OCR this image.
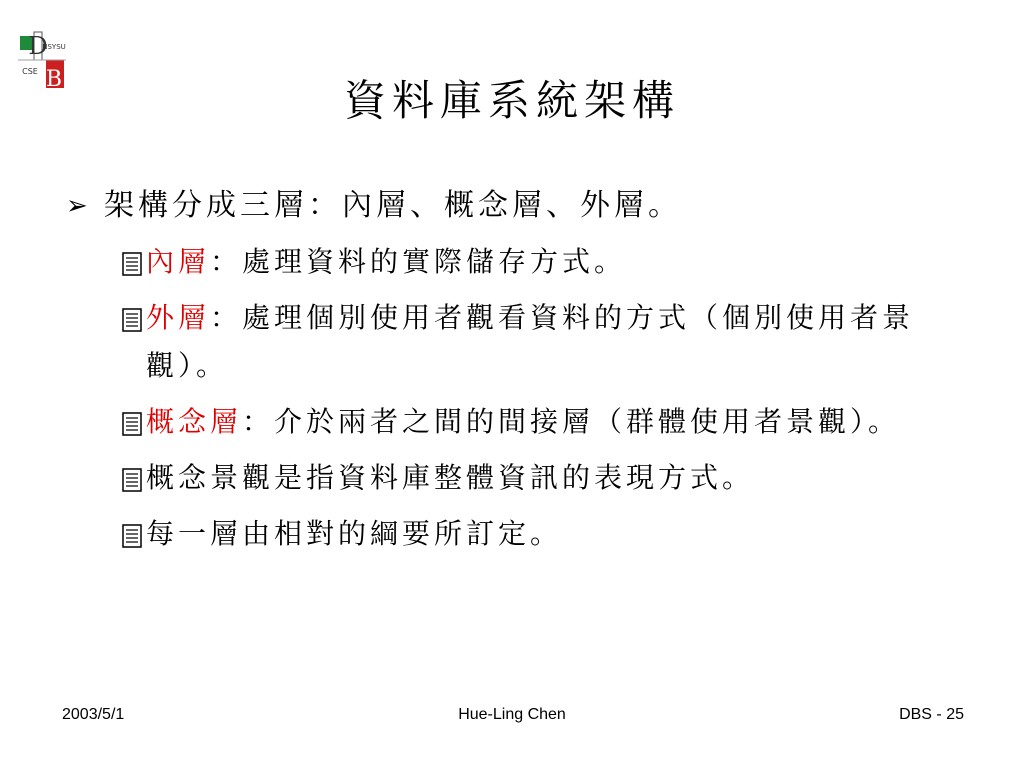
D
B
NSYSU
CSE
資料庫系統架構
➢ 架構分成三層：內層、概念層、外層。
內層：處理資料的實際儲存方式。
外層：處理個別使用者觀看資料的方式（個別使用者景觀）。
概念層：介於兩者之間的間接層（群體使用者景觀）。
概念景觀是指資料庫整體資訊的表現方式。
每一層由相對的綱要所訂定。
2003/5/1	Hue-Ling Chen	DBS - 25
